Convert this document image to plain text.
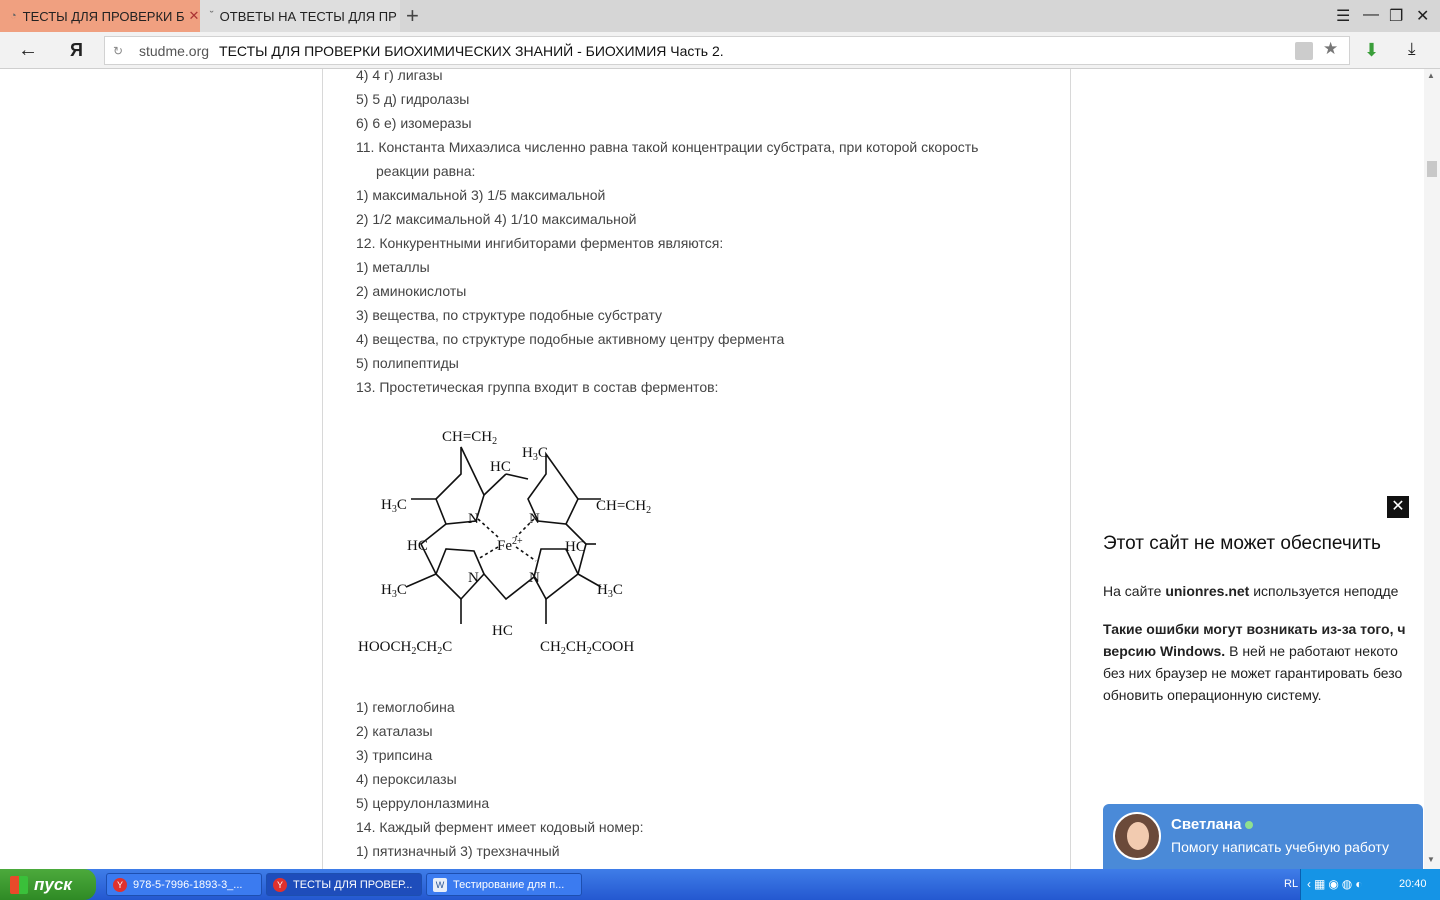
◔ ТЕСТЫ ДЛЯ ПРОВЕРКИ Б ✕ ˘ ОТВЕТЫ НА ТЕСТЫ ДЛЯ ПР +	☰ — ❐ ✕
← Я	↻	studme.org ТЕСТЫ ДЛЯ ПРОВЕРКИ БИОХИМИЧЕСКИХ ЗНАНИЙ - БИОХИМИЯ Часть 2.	★ ⬇	⤓
4) 4 г) лигазы
5) 5 д) гидролазы
6) 6 е) изомеразы
11. Константа Михаэлиса численно равна такой концентрации субстрата, при которой скорость
реакции равна:
1) максимальной 3) 1/5 максимальной
2) 1/2 максимальной 4) 1/10 максимальной
12. Конкурентными ингибиторами ферментов являются:
1) металлы
2) аминокислоты
3) вещества, по структуре подобные субстрату
4) вещества, по структуре подобные активному центру фермента
5) полипептиды
13. Простетическая группа входит в состав ферментов:
$CH=CH_2$
$H_3C$
HC
$H_3C$	$CH=CH_2$
N	N
$Fe^{2+}$
HC	HC
N	N
$H_3C$	$H_3C$
HC
$HOOCH_2CH_2C$	$CH_2CH_2COOH$
1) гемоглобина
2) каталазы
3) трипсина
4) пероксилазы
5) церрулонлазмина
14. Каждый фермент имеет кодовый номер:
1) пятизначный 3) трехзначный
✕
Этот сайт не может обеспечить
На сайте unionres.net используется неподде
Такие ошибки могут возникать из-за того, ч
версию Windows. В ней не работают некото
без них браузер не может гарантировать безо
обновить операционную систему.
Светлана
Помогу написать учебную работу
▲
▼
пуск	Y 978-5-7996-1893-3_...	Y ТЕСТЫ ДЛЯ ПРОВЕР...	W Тестирование для п...	RL ‹▦◉◍◐	20:40
